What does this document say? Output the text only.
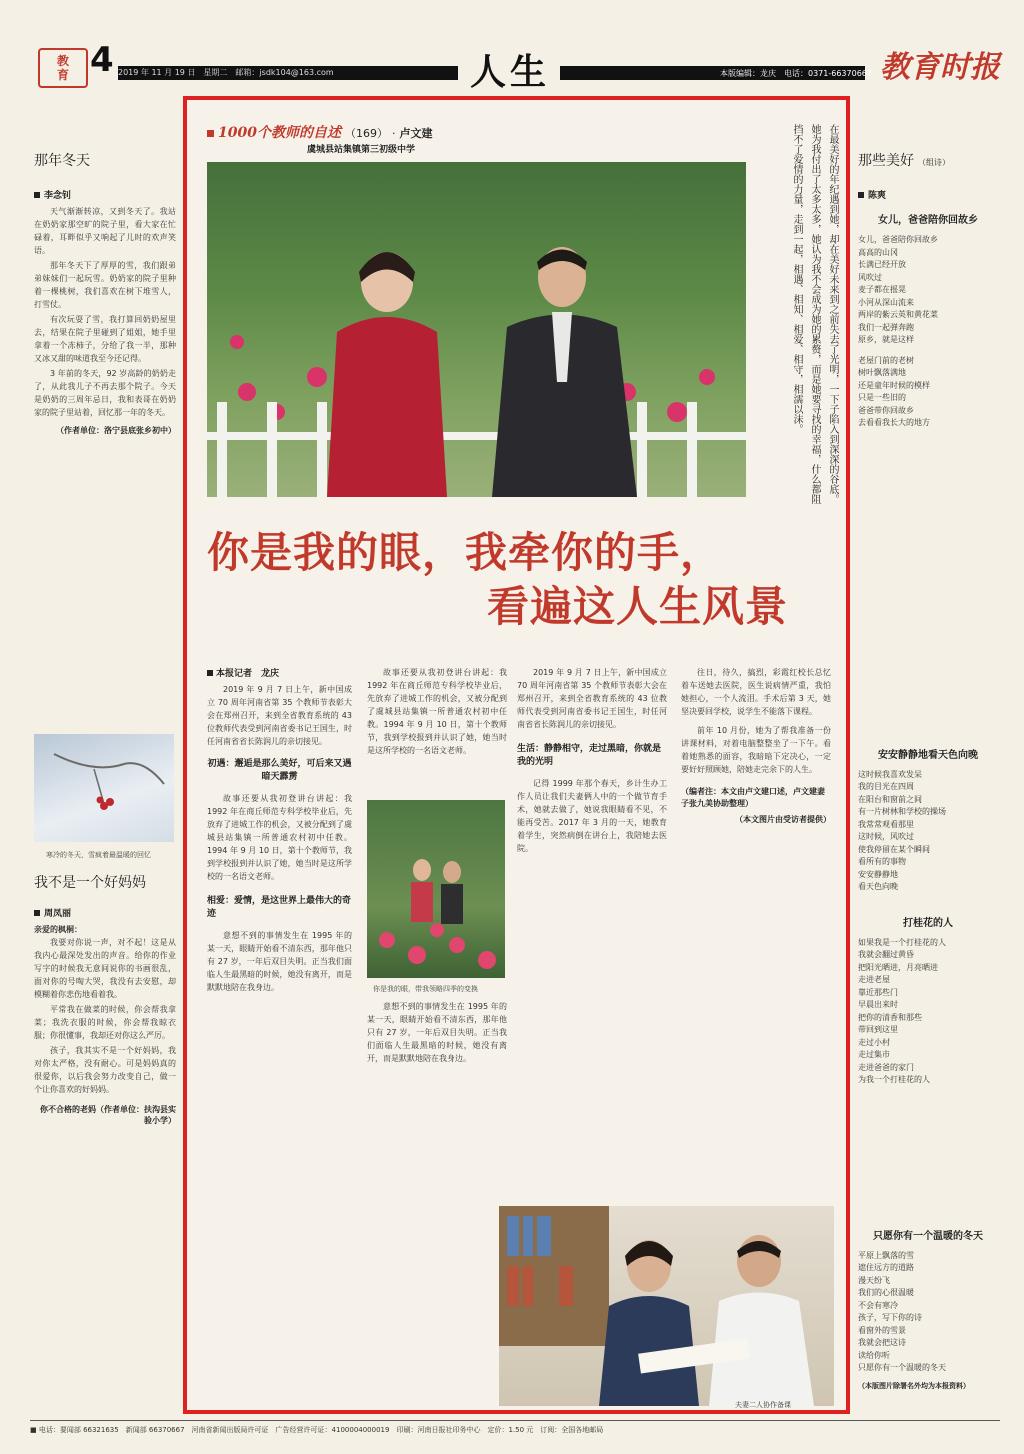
教
育 4 2019 年 11 月 19 日　星期二　邮箱：jsdk104@163.com	人生	本版编辑：龙庆　电话：0371-66370667 教育时报
那年冬天
李念钊

天气渐渐转凉，又到冬天了。我站在奶奶家那空旷的院子里，看大家在忙碌着，耳畔似乎又响起了儿时的欢声笑语。

那年冬天下了厚厚的雪，我们跟弟弟妹妹们一起玩雪。奶奶家的院子里种着一棵桃树，我们喜欢在树下堆雪人，打雪仗。

有次玩耍了雪，我打算回奶奶屋里去，结果在院子里碰到了姐姐，她手里拿着一个冻柿子，分给了我一半，那种又冰又甜的味道我至今还记得。

3 年前的冬天，92 岁高龄的奶奶走了，从此我儿子不再去那个院子。今天是奶奶的三周年忌日，我和表哥在奶奶家的院子里站着，回忆那一年的冬天。

（作者单位：洛宁县底张乡初中）
寒冷的冬天，雪疯着最温暖的回忆
我不是一个好妈妈
周凤丽
亲爱的枫桐：

我要对你说一声，对不起！这是从我内心最深处发出的声音。给你的作业写字的时候我无意间说你的书画很乱，面对你的号啕大哭，我没有去安慰，却模糊着你悲伤地看着我。

平常我在做菜的时候，你会帮我拿菜；我洗衣服的时候，你会帮我晾衣服；你很懂事，我却还对你这么严厉。

孩子，我其实不是一个好妈妈，我对你太严格，没有耐心。可是妈妈真的很爱你，以后我会努力改变自己，做一个让你喜欢的好妈妈。

你不合格的老妈（作者单位：扶沟县实验小学）
1000个教师的自述 （169） · 卢文建
虞城县站集镇第三初级中学	在最美好的年纪遇到她，却在美好未来到之前失去了光明，一下子陷入到深深的谷底。她为我付出了太多太多，她认为我不会成为她的累赘，而是她要寻找的幸福，什么都阻挡不了爱情的力量，走到一起，相遇、相知、相爱、相守，相濡以沫。
你是我的眼，我牵你的手，
看遍这人生风景
本报记者　龙庆

2019 年 9 月 7 日上午，新中国成立 70 周年河南省第 35 个教师节表彰大会在郑州召开，来到全省教育系统的 43 位教师代表受到河南省委书记王国生，时任河南省省长陈润儿的亲切接见。

初遇：邂逅是那么美好，可后来又遇暗天霹雳

故事还要从我初登讲台讲起：我 1992 年在商丘师范专科学校毕业后，先放弃了进城工作的机会，又被分配到了虞城县站集镇一所普通农村初中任教。1994 年 9 月 10 日，第十个教师节，我到学校报到并认识了她，她当时是这所学校的一名语文老师。

相爱：爱情，是这世界上最伟大的奇迹

意想不到的事情发生在 1995 年的某一天，眼睛开始看不清东西，那年他只有 27 岁，一年后双目失明。正当我们面临人生最黑暗的时候，她没有离开，而是默默地陪在我身边。	你是我的眼，带我领略四季的变换

故事还要从我初登讲台讲起：我 1992 年在商丘师范专科学校毕业后，先放弃了进城工作的机会，又被分配到了虞城县站集镇一所普通农村初中任教。1994 年 9 月 10 日，第十个教师节，我到学校报到并认识了她，她当时是这所学校的一名语文老师。

意想不到的事情发生在 1995 年的某一天，眼睛开始看不清东西，那年他只有 27 岁，一年后双目失明。正当我们面临人生最黑暗的时候，她没有离开，而是默默地陪在我身边。

2019 年 9 月 7 日上午，新中国成立 70 周年河南省第 35 个教师节表彰大会在郑州召开，来到全省教育系统的 43 位教师代表受到河南省委书记王国生，时任河南省省长陈润儿的亲切接见。

生活：静静相守，走过黑暗，你就是我的光明

记得 1999 年那个春天，乡计生办工作人员让我们夫妻俩人中的一个做节育手术，她就去做了，她说我眼睛看不见，不能再受苦。2017 年 3 月的一天，她教育着学生，突然病倒在讲台上，我陪她去医院。

往日，待久，搞烈，彩霞红校长总忆着车送她去医院，医生说病情严重，我怕她担心，一个人流泪。手术后第 3 天，她坚决要回学校，说学生不能落下课程。

前年 10 月份，她为了帮我准备一份讲课材料，对着电脑整整坐了一下午。看着她熟悉的面容，我暗暗下定决心，一定要好好照顾她，陪她走完余下的人生。

（编者注：本文由卢文建口述，卢文建妻子张九美协助整理）
（本文图片由受访者提供）
夫妻二人协作备课
那些美好 （组诗）
陈爽
女儿，爸爸陪你回故乡
女儿，爸爸陪你回故乡
高高的山冈
长满已经开放
风吹过
麦子都在摇晃
小河从深山流来
两岸的紫云英和黄花菜
我们一起弹奔跑
原乡，就是这样
老屋门前的老树
树叶飘落满地
还是童年时候的模样
只是一些旧的
爸爸带你回故乡
去看看我长大的地方
安安静静地看天色向晚
这时候我喜欢发呆
我的目光在四周
在阳台和窗前之间
有一片树林和学校的操场
我常常观看那里
这时候，风吹过
使我停留在某个瞬间
看所有的事物
安安静静地
看天色向晚
打桂花的人
如果我是一个打桂花的人
我就会翻过黄昏
把阳光晒进，月亮晒进
走进老屋
靠近那些门
早晨出来时
把你的清香和那些
带回到这里
走过小村
走过集市
走进爸爸的家门
为我一个打桂花的人
只愿你有一个温暖的冬天
平原上飘落的雪
遮住远方的道路
漫天纷飞
我们的心很温暖
不会有寒冷
孩子，写下你的诗
看窗外的雪景
我就会把这诗
读给你听
只愿你有一个温暖的冬天
（本版图片除署名外均为本报资料）
■ 电话：要闻部 66321635　新闻部 66370667　河南省新闻出版局许可证　广告经营许可证：4100004000019　印刷：河南日报社印务中心　定价：1.50 元　订阅：全国各地邮局
